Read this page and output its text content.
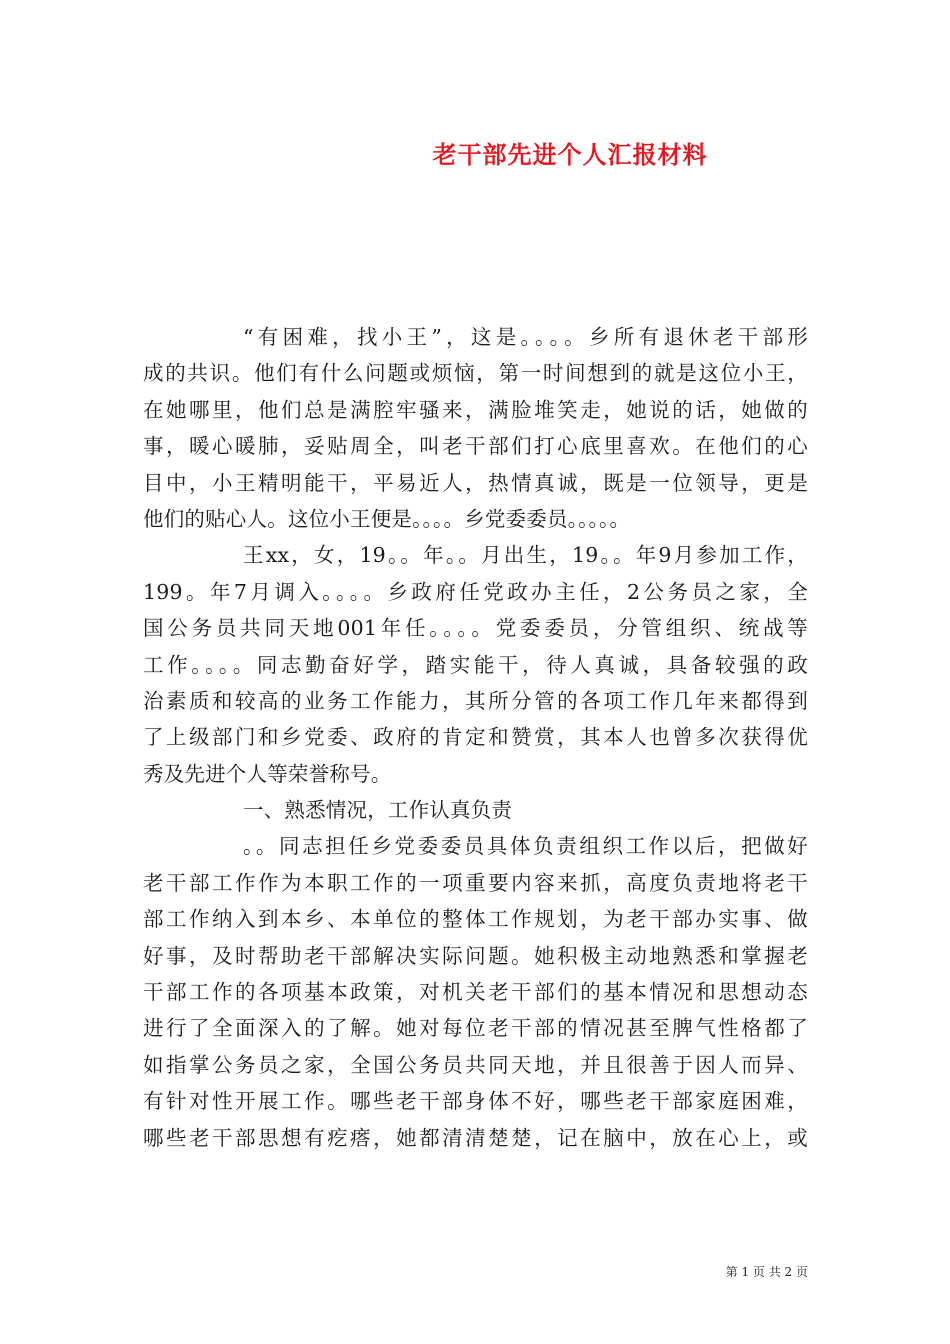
老干部先进个人汇报材料
“有困难，找小王”，这是。。。。乡所有退休老干部形
成的共识。他们有什么问题或烦恼，第一时间想到的就是这位小王，
在她哪里，他们总是满腔牢骚来，满脸堆笑走，她说的话，她做的
事，暖心暖肺，妥贴周全，叫老干部们打心底里喜欢。在他们的心
目中，小王精明能干，平易近人，热情真诚，既是一位领导，更是
他们的贴心人。这位小王便是。。。。乡党委委员。。。。。
王xx，女，19。。年。。月出生，19。。年9月参加工作，
199。年7月调入。。。。乡政府任党政办主任，2公务员之家，全
国公务员共同天地001年任。。。。党委委员，分管组织、统战等
工作。。。。同志勤奋好学，踏实能干，待人真诚，具备较强的政
治素质和较高的业务工作能力，其所分管的各项工作几年来都得到
了上级部门和乡党委、政府的肯定和赞赏，其本人也曾多次获得优
秀及先进个人等荣誉称号。
一、熟悉情况，工作认真负责
。。同志担任乡党委委员具体负责组织工作以后，把做好
老干部工作作为本职工作的一项重要内容来抓，高度负责地将老干
部工作纳入到本乡、本单位的整体工作规划，为老干部办实事、做
好事，及时帮助老干部解决实际问题。她积极主动地熟悉和掌握老
干部工作的各项基本政策，对机关老干部们的基本情况和思想动态
进行了全面深入的了解。她对每位老干部的情况甚至脾气性格都了
如指掌公务员之家，全国公务员共同天地，并且很善于因人而异、
有针对性开展工作。哪些老干部身体不好，哪些老干部家庭困难，
哪些老干部思想有疙瘩，她都清清楚楚，记在脑中，放在心上，或
第 1 页 共 2 页
